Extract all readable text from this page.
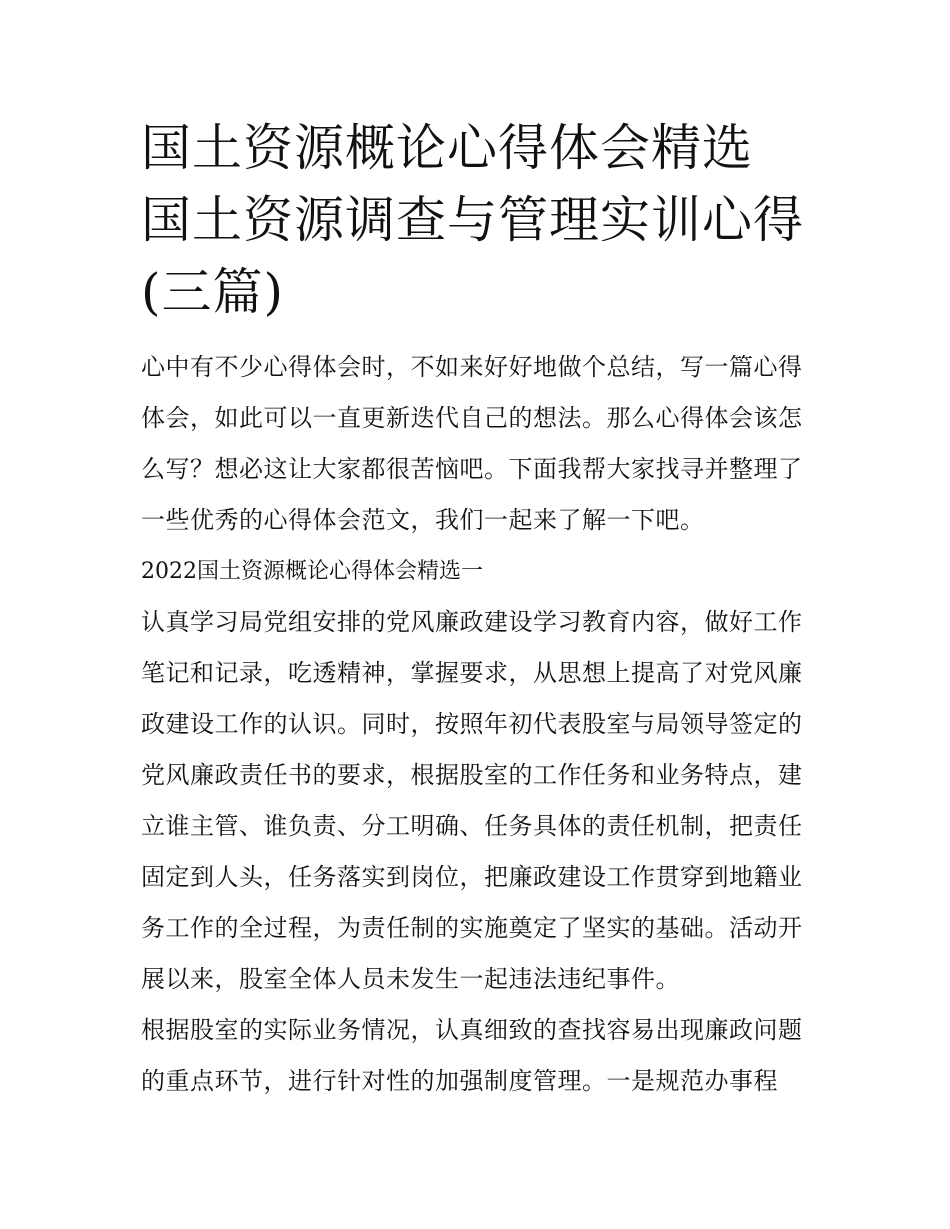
国土资源概论心得体会精选 国土资源调查与管理实训心得(三篇)

心中有不少心得体会时，不如来好好地做个总结，写一篇心得体会，如此可以一直更新迭代自己的想法。那么心得体会该怎么写？想必这让大家都很苦恼吧。下面我帮大家找寻并整理了一些优秀的心得体会范文，我们一起来了解一下吧。

2022国土资源概论心得体会精选一

认真学习局党组安排的党风廉政建设学习教育内容，做好工作笔记和记录，吃透精神，掌握要求，从思想上提高了对党风廉政建设工作的认识。同时，按照年初代表股室与局领导签定的党风廉政责任书的要求，根据股室的工作任务和业务特点，建立谁主管、谁负责、分工明确、任务具体的责任机制，把责任固定到人头，任务落实到岗位，把廉政建设工作贯穿到地籍业务工作的全过程，为责任制的实施奠定了坚实的基础。活动开展以来，股室全体人员未发生一起违法违纪事件。

根据股室的实际业务情况，认真细致的查找容易出现廉政问题的重点环节，进行针对性的加强制度管理。一是规范办事程
